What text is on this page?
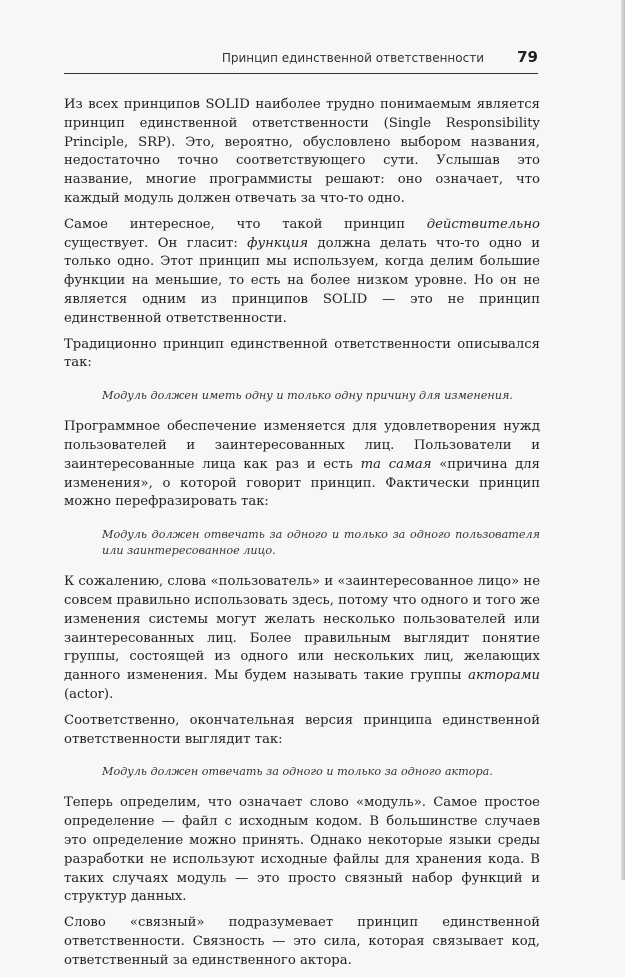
Принцип единственной ответственности 79

Из всех принципов SOLID наиболее трудно понимаемым является принцип единственной ответственности (Single Responsibility Principle, SRP). Это, вероятно, обусловлено выбором названия, недостаточно точно соответствующего сути. Услышав это название, многие программисты решают: оно означает, что каждый модуль должен отвечать за что-то одно.

Самое интересное, что такой принцип действительно существует. Он гласит: функция должна делать что-то одно и только одно. Этот принцип мы используем, когда делим большие функции на меньшие, то есть на более низком уровне. Но он не является одним из принципов SOLID — это не принцип единственной ответственности.

Традиционно принцип единственной ответственности описывался так:

Модуль должен иметь одну и только одну причину для изменения.

Программное обеспечение изменяется для удовлетворения нужд пользователей и заинтересованных лиц. Пользователи и заинтересованные лица как раз и есть та самая «причина для изменения», о которой говорит принцип. Фактически принцип можно перефразировать так:

Модуль должен отвечать за одного и только за одного пользователя или заинтересованное лицо.

К сожалению, слова «пользователь» и «заинтересованное лицо» не совсем правильно использовать здесь, потому что одного и того же изменения системы могут желать несколько пользователей или заинтересованных лиц. Более правильным выглядит понятие группы, состоящей из одного или нескольких лиц, желающих данного изменения. Мы будем называть такие группы акторами (actor).

Соответственно, окончательная версия принципа единственной ответственности выглядит так:

Модуль должен отвечать за одного и только за одного актора.

Теперь определим, что означает слово «модуль». Самое простое определение — файл с исходным кодом. В большинстве случаев это определение можно принять. Однако некоторые языки среды разработки не используют исходные файлы для хранения кода. В таких случаях модуль — это просто связный набор функций и структур данных.

Слово «связный» подразумевает принцип единственной ответственности. Связность — это сила, которая связывает код, ответственный за единственного актора.
